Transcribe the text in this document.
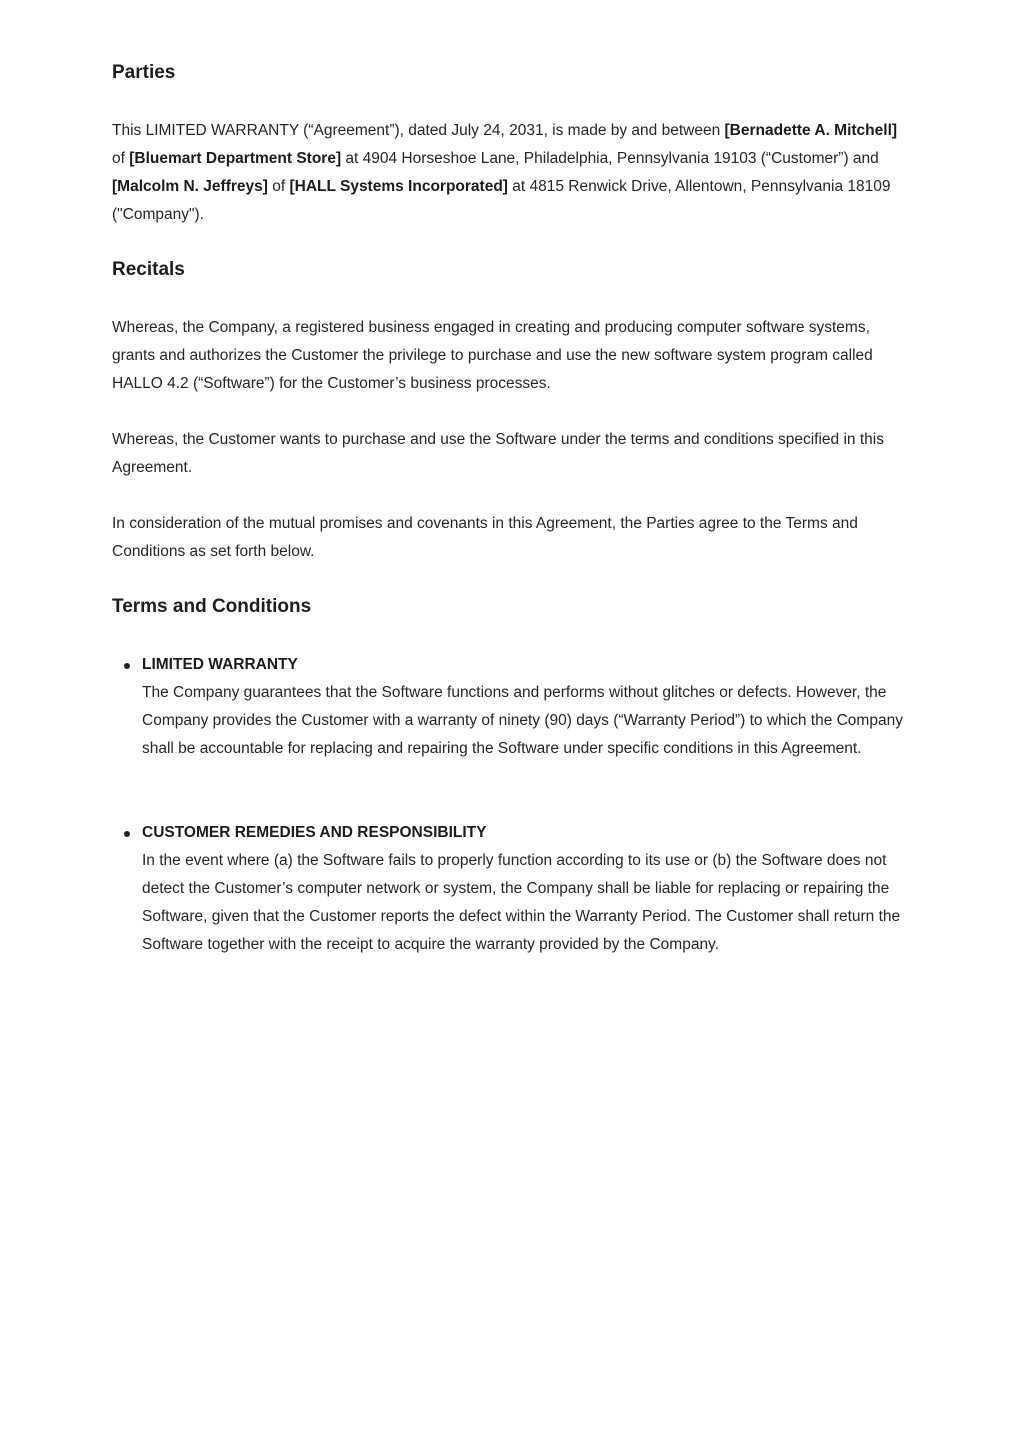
Parties

This LIMITED WARRANTY (“Agreement”), dated July 24, 2031, is made by and between [Bernadette A. Mitchell] of [Bluemart Department Store] at 4904 Horseshoe Lane, Philadelphia, Pennsylvania 19103 (“Customer”) and [Malcolm N. Jeffreys] of [HALL Systems Incorporated] at 4815 Renwick Drive, Allentown, Pennsylvania 18109 ("Company").

Recitals

Whereas, the Company, a registered business engaged in creating and producing computer software systems, grants and authorizes the Customer the privilege to purchase and use the new software system program called HALLO 4.2 (“Software”) for the Customer’s business processes.

Whereas, the Customer wants to purchase and use the Software under the terms and conditions specified in this Agreement.

In consideration of the mutual promises and covenants in this Agreement, the Parties agree to the Terms and Conditions as set forth below.

Terms and Conditions
LIMITED WARRANTY
The Company guarantees that the Software functions and performs without glitches or defects. However, the Company provides the Customer with a warranty of ninety (90) days (“Warranty Period”) to which the Company shall be accountable for replacing and repairing the Software under specific conditions in this Agreement.
CUSTOMER REMEDIES AND RESPONSIBILITY
In the event where (a) the Software fails to properly function according to its use or (b) the Software does not detect the Customer’s computer network or system, the Company shall be liable for replacing or repairing the Software, given that the Customer reports the defect within the Warranty Period. The Customer shall return the Software together with the receipt to acquire the warranty provided by the Company.
